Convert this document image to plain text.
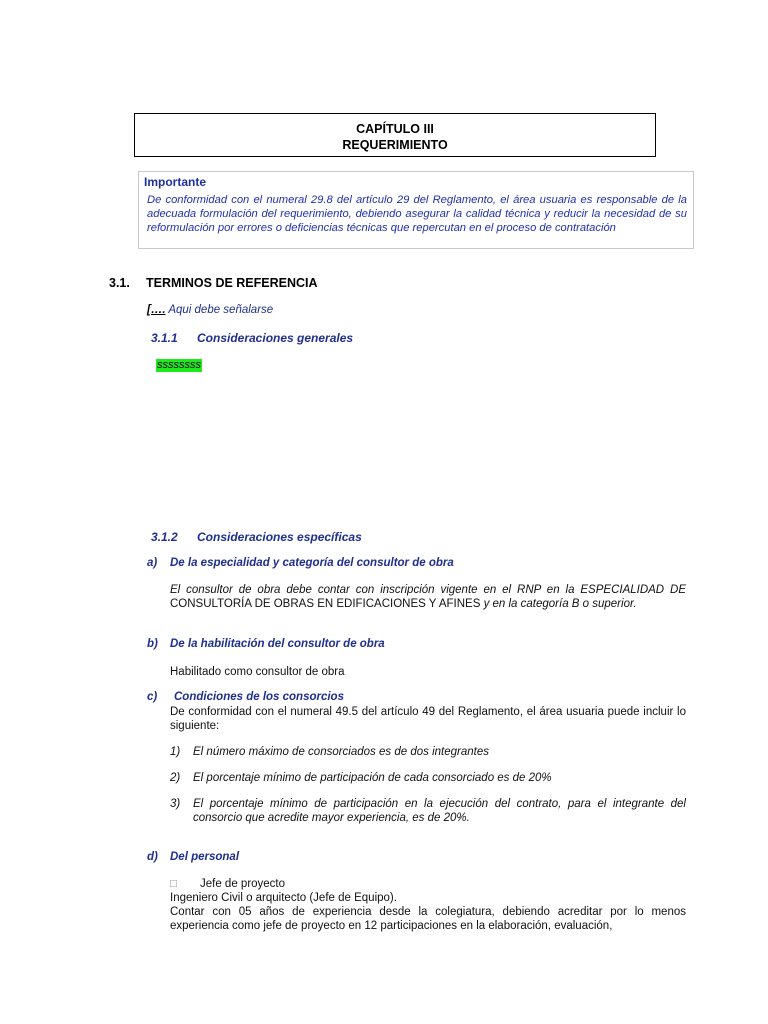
CAPÍTULO III
REQUERIMIENTO
Importante
De conformidad con el numeral 29.8 del artículo 29 del Reglamento, el área usuaria es responsable de la adecuada formulación del requerimiento, debiendo asegurar la calidad técnica y reducir la necesidad de su reformulación por errores o deficiencias técnicas que repercutan en el proceso de contratación
3.1. TERMINOS DE REFERENCIA
[…. Aqui debe señalarse
3.1.1 Consideraciones generales
ssssssss
3.1.2 Consideraciones específicas
a) De la especialidad y categoría del consultor de obra
El consultor de obra debe contar con inscripción vigente en el RNP en la ESPECIALIDAD DE CONSULTORÍA DE OBRAS EN EDIFICACIONES Y AFINES y en la categoría B o superior.
b) De la habilitación del consultor de obra
Habilitado como consultor de obra
c) Condiciones de los consorcios
De conformidad con el numeral 49.5 del artículo 49 del Reglamento, el área usuaria puede incluir lo siguiente:
1) El número máximo de consorciados es de dos integrantes
2) El porcentaje mínimo de participación de cada consorciado es de 20%
3) El porcentaje mínimo de participación en la ejecución del contrato, para el integrante del consorcio que acredite mayor experiencia, es de 20%.
d) Del personal
□ Jefe de proyecto
Ingeniero Civil o arquitecto (Jefe de Equipo).
Contar con 05 años de experiencia desde la colegiatura, debiendo acreditar por lo menos experiencia como jefe de proyecto en 12 participaciones en la elaboración, evaluación,
